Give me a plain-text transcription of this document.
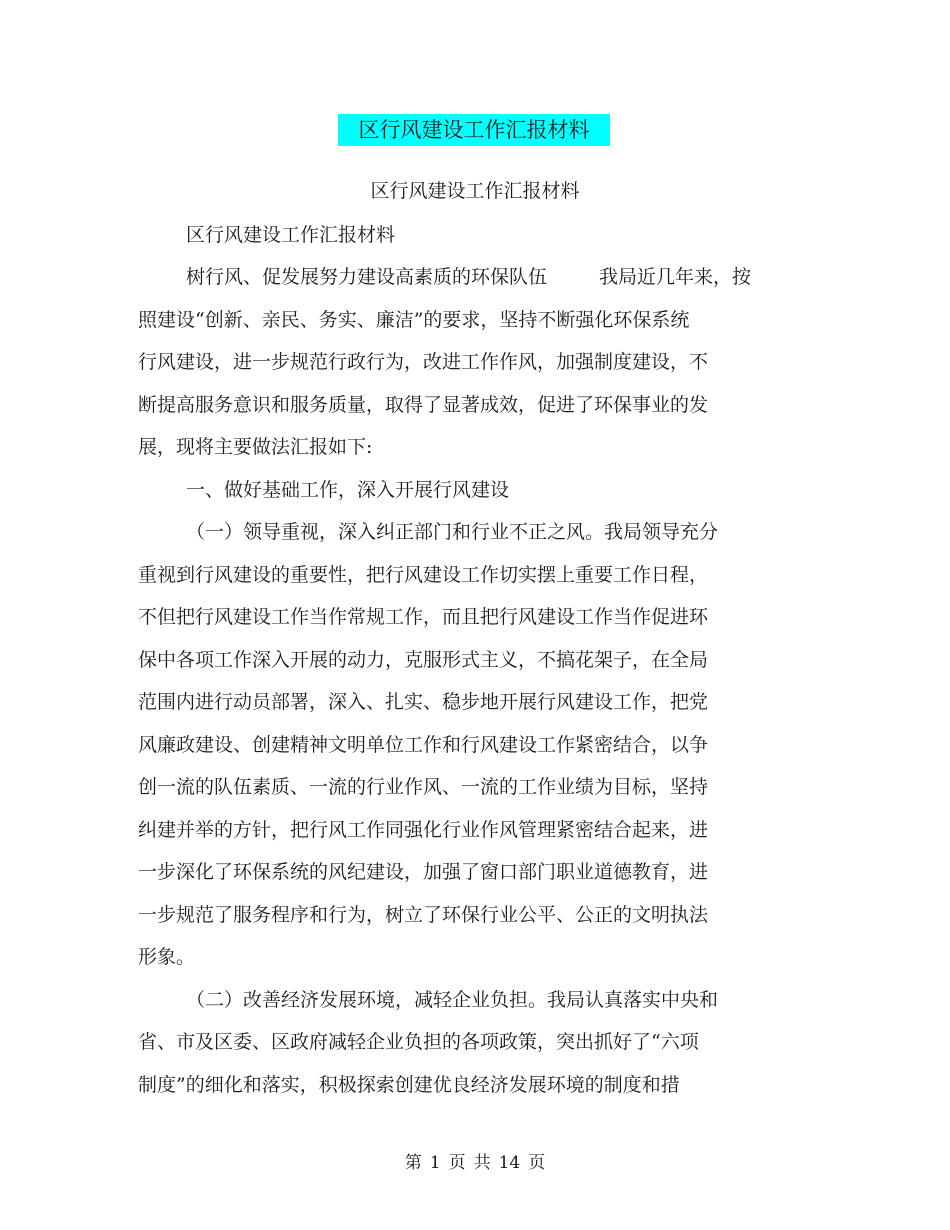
区行风建设工作汇报材料
区行风建设工作汇报材料
区行风建设工作汇报材料
树行风、促发展努力建设高素质的环保队伍	我局近几年来，按
照建设“创新、亲民、务实、廉洁”的要求，坚持不断强化环保系统
行风建设，进一步规范行政行为，改进工作作风，加强制度建设，不
断提高服务意识和服务质量，取得了显著成效，促进了环保事业的发
展，现将主要做法汇报如下:
一、做好基础工作，深入开展行风建设
（一）领导重视，深入纠正部门和行业不正之风。我局领导充分
重视到行风建设的重要性，把行风建设工作切实摆上重要工作日程，
不但把行风建设工作当作常规工作，而且把行风建设工作当作促进环
保中各项工作深入开展的动力，克服形式主义，不搞花架子，在全局
范围内进行动员部署，深入、扎实、稳步地开展行风建设工作，把党
风廉政建设、创建精神文明单位工作和行风建设工作紧密结合，以争
创一流的队伍素质、一流的行业作风、一流的工作业绩为目标，坚持
纠建并举的方针，把行风工作同强化行业作风管理紧密结合起来，进
一步深化了环保系统的风纪建设，加强了窗口部门职业道德教育，进
一步规范了服务程序和行为，树立了环保行业公平、公正的文明执法
形象。
（二）改善经济发展环境，减轻企业负担。我局认真落实中央和
省、市及区委、区政府减轻企业负担的各项政策，突出抓好了“六项
制度”的细化和落实，积极探索创建优良经济发展环境的制度和措
第 1 页 共 14 页
